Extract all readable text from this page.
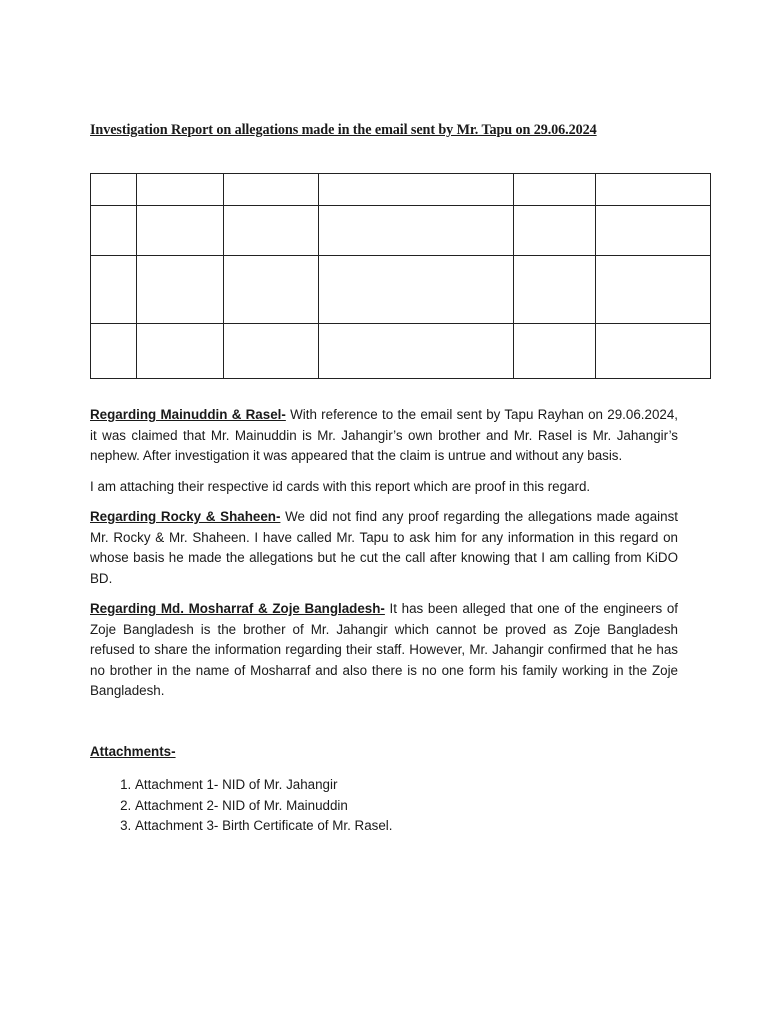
Investigation Report on allegations made in the email sent by Mr. Tapu on 29.06.2024

Regarding Mainuddin & Rasel- With reference to the email sent by Tapu Rayhan on 29.06.2024, it was claimed that Mr. Mainuddin is Mr. Jahangir’s own brother and Mr. Rasel is Mr. Jahangir’s nephew. After investigation it was appeared that the claim is untrue and without any basis.

I am attaching their respective id cards with this report which are proof in this regard.

Regarding Rocky & Shaheen- We did not find any proof regarding the allegations made against Mr. Rocky & Mr. Shaheen. I have called Mr. Tapu to ask him for any information in this regard on whose basis he made the allegations but he cut the call after knowing that I am calling from KiDO BD.

Regarding Md. Mosharraf & Zoje Bangladesh- It has been alleged that one of the engineers of Zoje Bangladesh is the brother of Mr. Jahangir which cannot be proved as Zoje Bangladesh refused to share the information regarding their staff. However, Mr. Jahangir confirmed that he has no brother in the name of Mosharraf and also there is no one form his family working in the Zoje Bangladesh.

Attachments-
1. Attachment 1- NID of Mr. Jahangir
2. Attachment 2- NID of Mr. Mainuddin
3. Attachment 3- Birth Certificate of Mr. Rasel.
